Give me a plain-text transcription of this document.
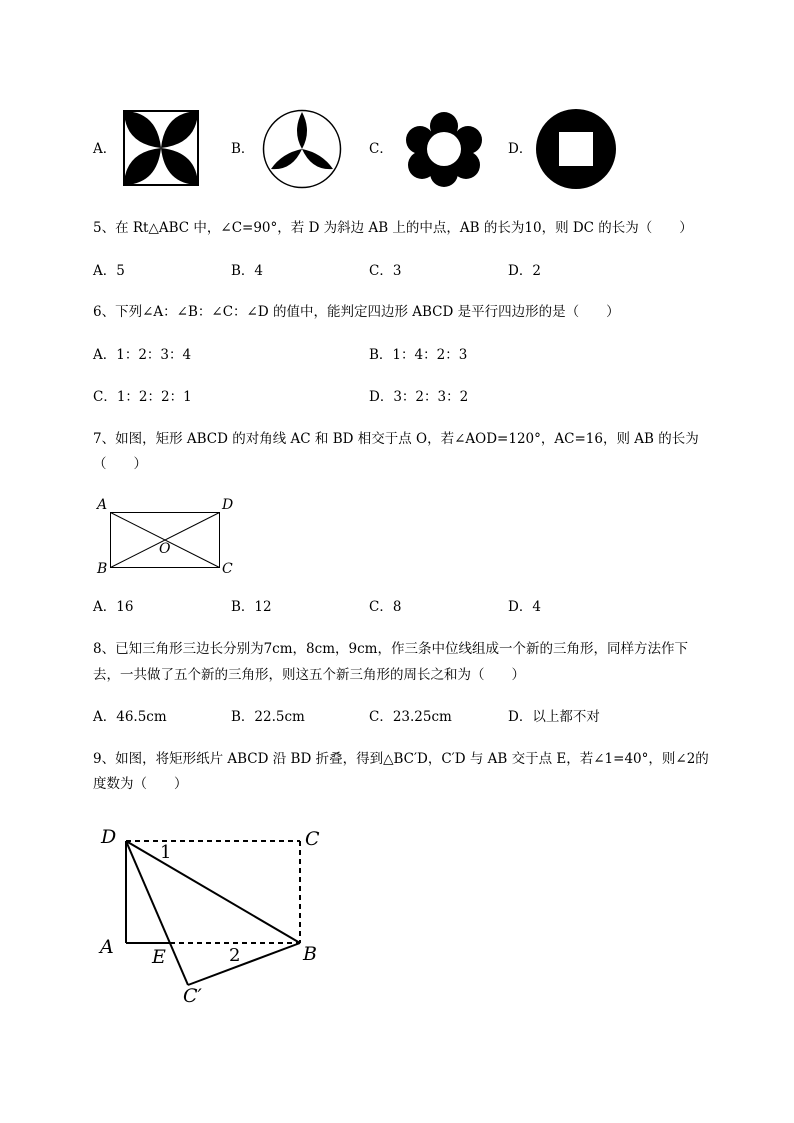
A．	B．	C．	D．
5、在 Rt△ABC 中，∠C=90°，若 D 为斜边 AB 上的中点，AB 的长为10，则 DC 的长为（　　）
A．5	B．4	C．3	D．2
6、下列∠A：∠B：∠C：∠D 的值中，能判定四边形 ABCD 是平行四边形的是（　　）
A．1：2：3：4	B．1：4：2：3
C．1：2：2：1	D．3：2：3：2
7、如图，矩形 ABCD 的对角线 AC 和 BD 相交于点 O，若∠AOD=120°，AC=16，则 AB 的长为
（　　）
A	D
B	C
O
A．16	B．12	C．8	D．4
8、已知三角形三边长分别为7cm，8cm，9cm，作三条中位线组成一个新的三角形，同样方法作下
去，一共做了五个新的三角形，则这五个新三角形的周长之和为（　　）
A．46.5cm	B．22.5cm	C．23.25cm	D．以上都不对
9、如图，将矩形纸片 ABCD 沿 BD 折叠，得到△BC′D，C′D 与 AB 交于点 E，若∠1=40°，则∠2的
度数为（　　）
D	C
A E	B
C′
1
2
